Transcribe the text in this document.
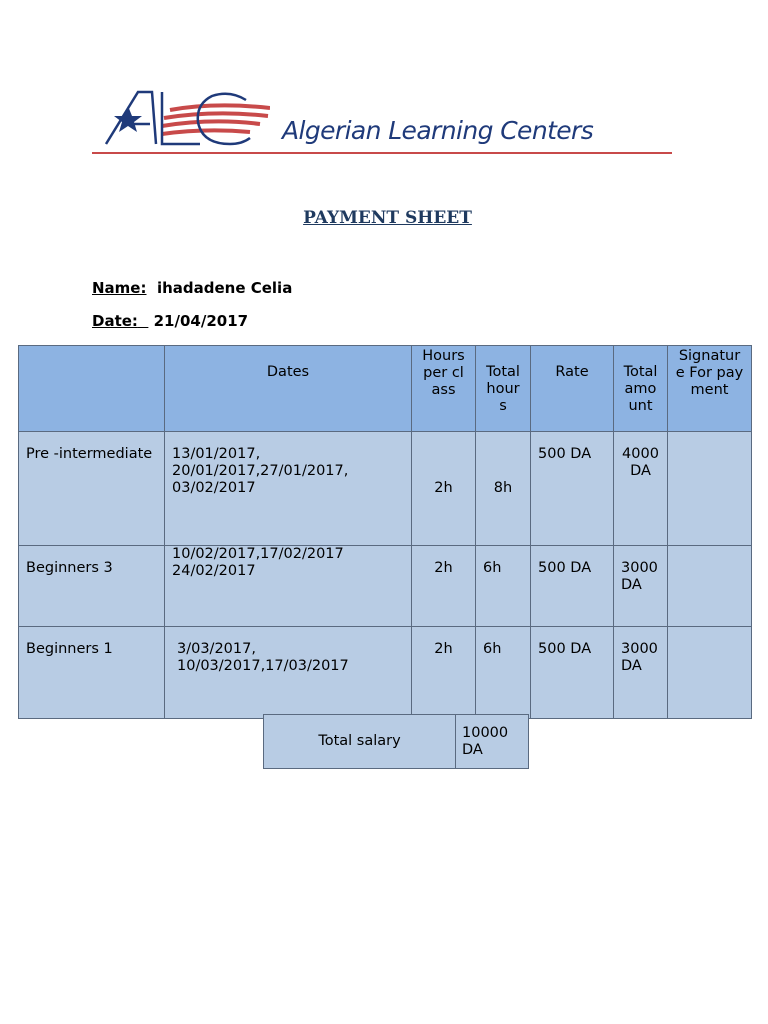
Algerian Learning Centers
PAYMENT SHEET
Name: ihadadene Celia
Date: 21/04/2017
	Dates	Hours per class	Total hours	Rate	Total amount	Signature For payment
Pre -intermediate	13/01/2017, 20/01/2017,27/01/2017, 03/02/2017	2h	8h	500 DA	4000 DA	
Beginners 3	10/02/2017,17/02/2017 24/02/2017	2h	6h	500 DA	3000 DA	
Beginners 1	3/03/2017, 10/03/2017,17/03/2017	2h	6h	500 DA	3000 DA	
Total salary	10000 DA
